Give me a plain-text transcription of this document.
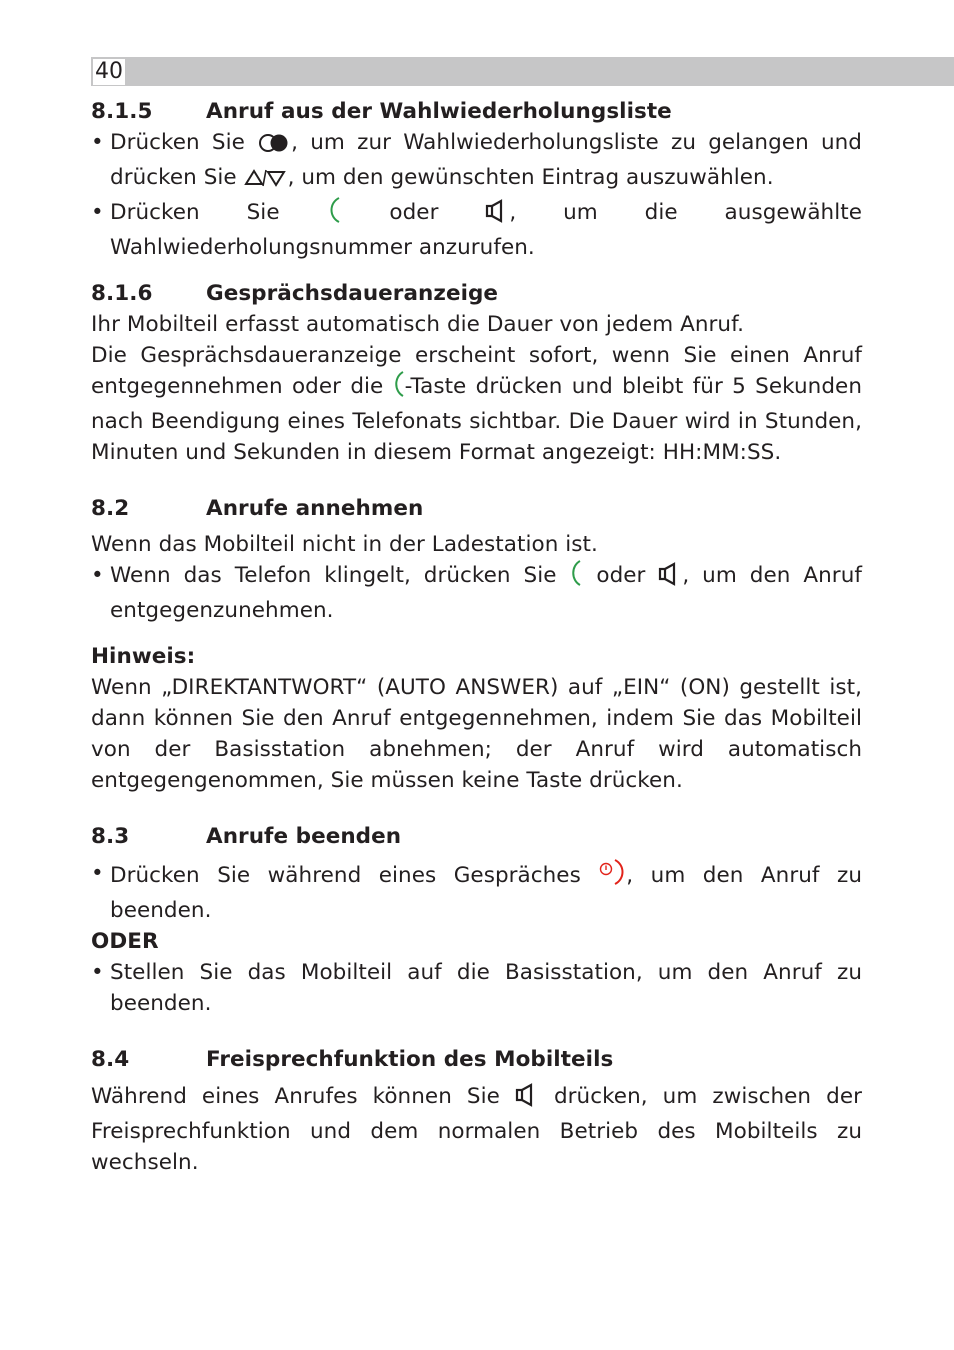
40
8.1.5	Anruf aus der Wahlwiederholungsliste
• Drücken Sie , um zur Wahlwiederholungsliste zu gelangen und drücken Sie , um den gewünschten Eintrag auszuwählen.
• Drücken Sie	oder	, um die ausgewählte
Wahlwiederholungsnummer anzurufen.
8.1.6	Gesprächsdaueranzeige

Ihr Mobilteil erfasst automatisch die Dauer von jedem Anruf.

Die Gesprächsdaueranzeige erscheint sofort, wenn Sie einen Anruf entgegennehmen oder die -Taste drücken und bleibt für 5 Sekunden nach Beendigung eines Telefonats sichtbar. Die Dauer wird in Stunden, Minuten und Sekunden in diesem Format angezeigt: HH:MM:SS.

8.2	Anrufe annehmen

Wenn das Mobilteil nicht in der Ladestation ist.

• Wenn das Telefon klingelt, drücken Sie  oder , um den Anruf entgegenzunehmen.

Hinweis:

Wenn „DIREKTANTWORT“ (AUTO ANSWER) auf „EIN“ (ON) gestellt ist, dann können Sie den Anruf entgegennehmen, indem Sie das Mobilteil von der Basisstation abnehmen; der Anruf wird automatisch entgegengenommen, Sie müssen keine Taste drücken.

8.3	Anrufe beenden
• Drücken Sie während eines Gespräches , um den Anruf zu beenden.

ODER

• Stellen Sie das Mobilteil auf die Basisstation, um den Anruf zu beenden.
8.4	Freisprechfunktion des Mobilteils

Während eines Anrufes können Sie  drücken, um zwischen der Freisprechfunktion und dem normalen Betrieb des Mobilteils zu wechseln.
